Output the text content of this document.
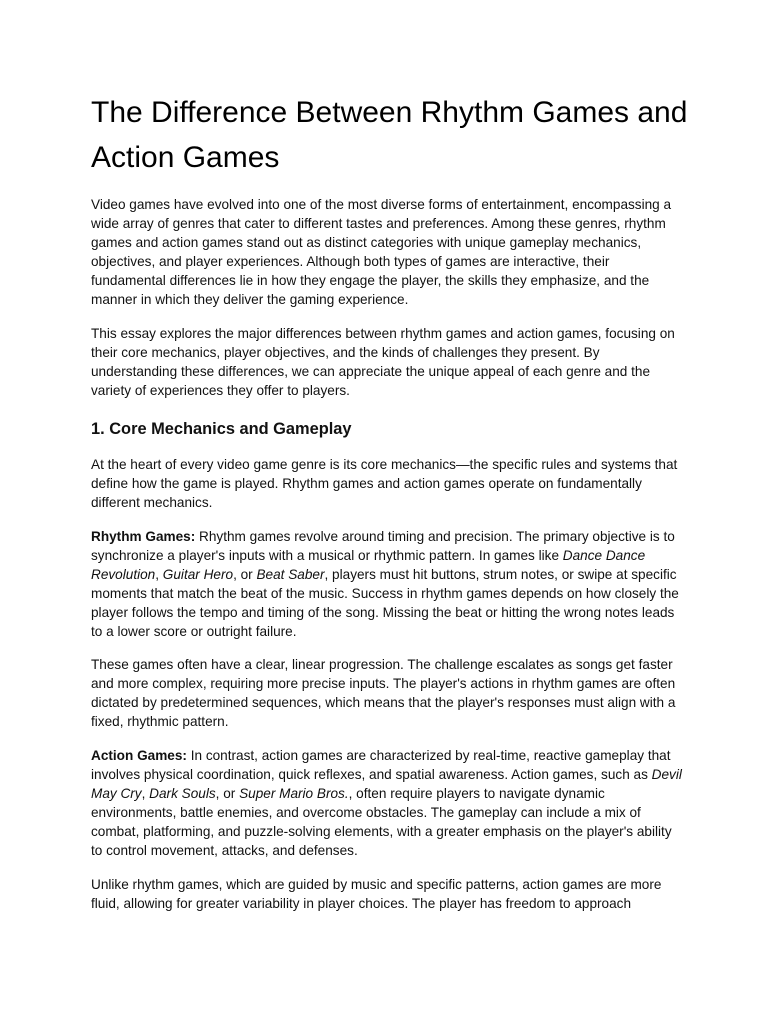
The Difference Between Rhythm Games and Action Games

Video games have evolved into one of the most diverse forms of entertainment, encompassing a wide array of genres that cater to different tastes and preferences. Among these genres, rhythm games and action games stand out as distinct categories with unique gameplay mechanics, objectives, and player experiences. Although both types of games are interactive, their fundamental differences lie in how they engage the player, the skills they emphasize, and the manner in which they deliver the gaming experience.

This essay explores the major differences between rhythm games and action games, focusing on their core mechanics, player objectives, and the kinds of challenges they present. By understanding these differences, we can appreciate the unique appeal of each genre and the variety of experiences they offer to players.

1. Core Mechanics and Gameplay

At the heart of every video game genre is its core mechanics—the specific rules and systems that define how the game is played. Rhythm games and action games operate on fundamentally different mechanics.

Rhythm Games: Rhythm games revolve around timing and precision. The primary objective is to synchronize a player's inputs with a musical or rhythmic pattern. In games like Dance Dance Revolution, Guitar Hero, or Beat Saber, players must hit buttons, strum notes, or swipe at specific moments that match the beat of the music. Success in rhythm games depends on how closely the player follows the tempo and timing of the song. Missing the beat or hitting the wrong notes leads to a lower score or outright failure.

These games often have a clear, linear progression. The challenge escalates as songs get faster and more complex, requiring more precise inputs. The player's actions in rhythm games are often dictated by predetermined sequences, which means that the player's responses must align with a fixed, rhythmic pattern.

Action Games: In contrast, action games are characterized by real-time, reactive gameplay that involves physical coordination, quick reflexes, and spatial awareness. Action games, such as Devil May Cry, Dark Souls, or Super Mario Bros., often require players to navigate dynamic environments, battle enemies, and overcome obstacles. The gameplay can include a mix of combat, platforming, and puzzle-solving elements, with a greater emphasis on the player's ability to control movement, attacks, and defenses.

Unlike rhythm games, which are guided by music and specific patterns, action games are more fluid, allowing for greater variability in player choices. The player has freedom to approach
